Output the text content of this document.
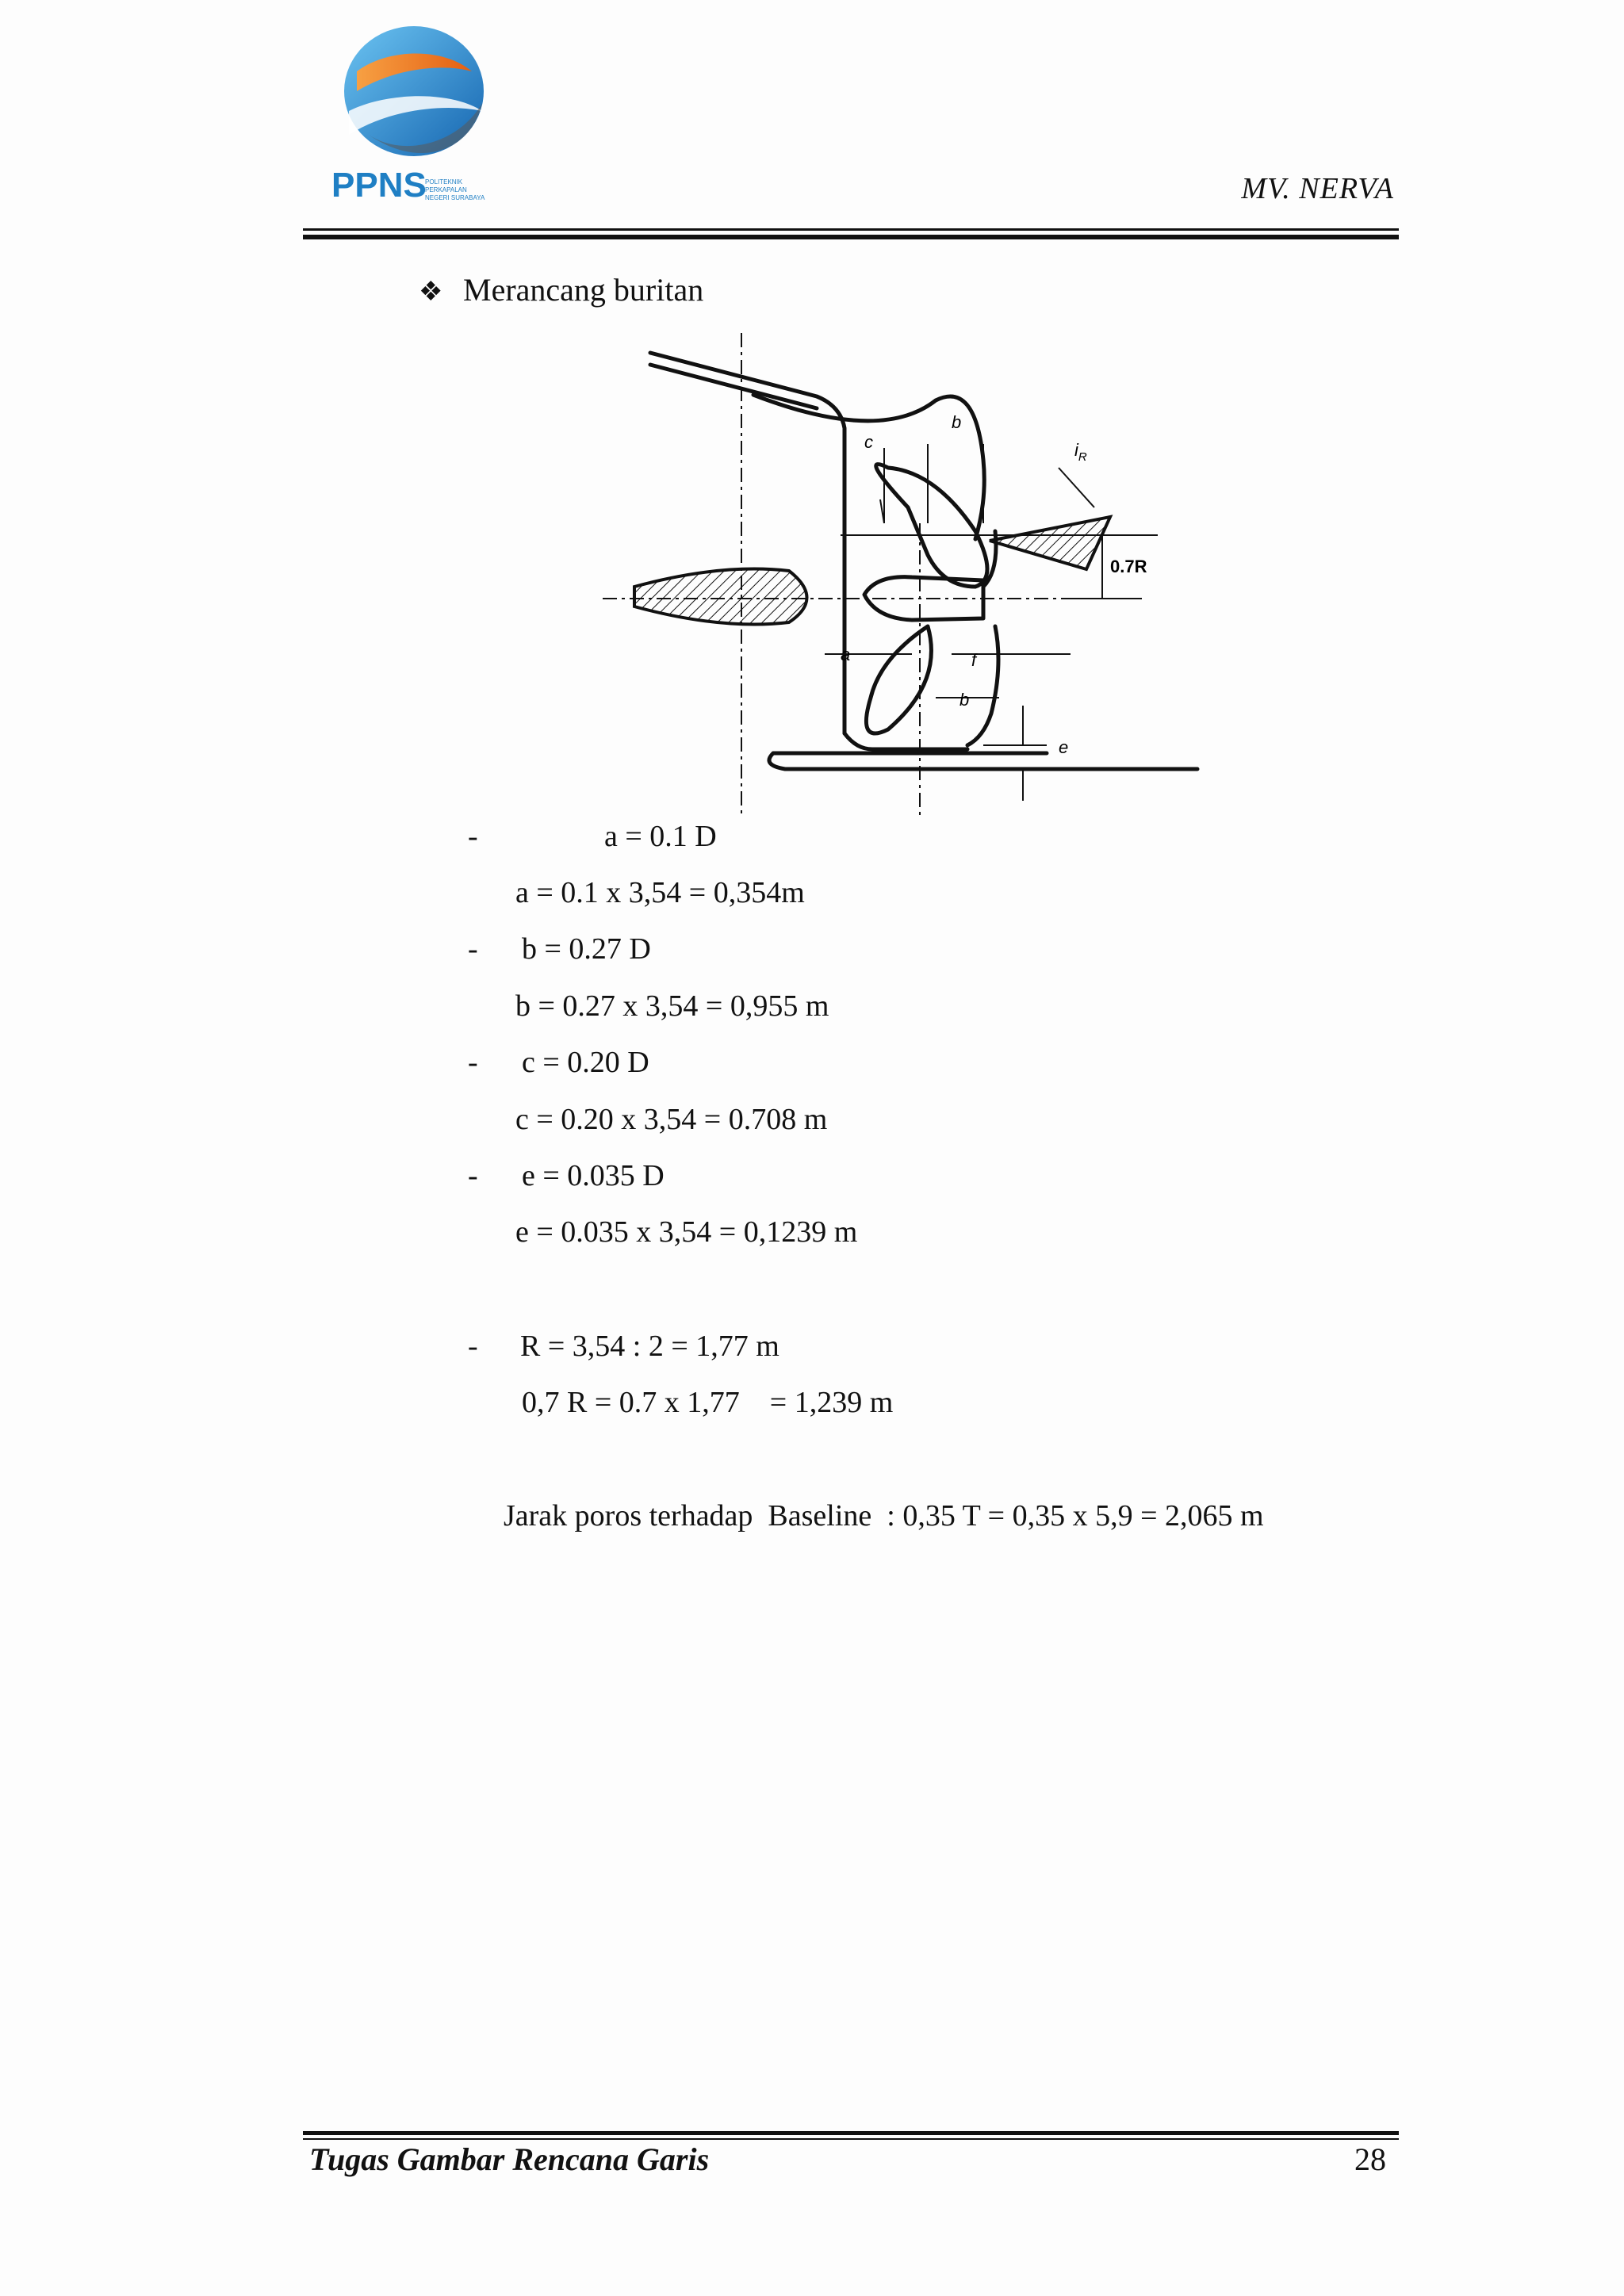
PPNS
POLITEKNIK
PERKAPALAN
NEGERI SURABAYA	MV. NERVA
❖ Merancang buritan
b
c	$i_R$
0.7R
a	f
b
e
-	a = 0.1 D
a = 0.1 x 3,54 = 0,354m
- b = 0.27 D
b = 0.27 x 3,54 = 0,955 m
- c = 0.20 D
c = 0.20 x 3,54 = 0.708 m
- e = 0.035 D
e = 0.035 x 3,54 = 0,1239 m
- R = 3,54 : 2 = 1,77 m
0,7 R = 0.7 x 1,77    = 1,239 m
Jarak poros terhadap  Baseline  : 0,35 T = 0,35 x 5,9 = 2,065 m
Tugas Gambar Rencana Garis	28
